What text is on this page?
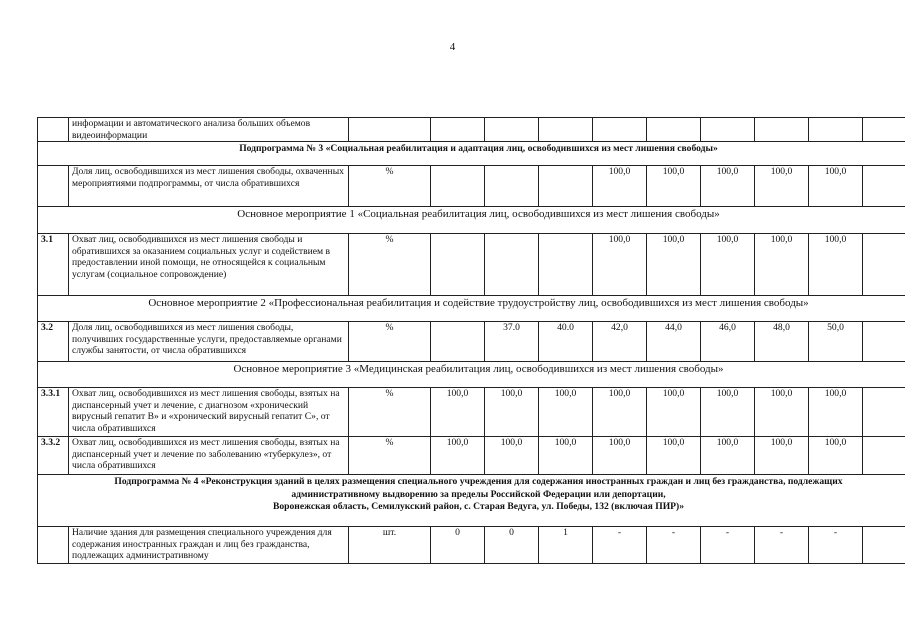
4
	информации и автоматического анализа больших объемов видеоинформации										
Подпрограмма № 3 «Социальная реабилитация и адаптация лиц, освободившихся из мест лишения свободы»											
	Доля лиц, освободившихся из мест лишения свободы, охваченных мероприятиями подпрограммы, от числа обратившихся	%				100,0	100,0	100,0	100,0	100,0	
Основное мероприятие 1 «Социальная реабилитация лиц, освободившихся из мест лишения свободы»											
3.1	Охват лиц, освободившихся из мест лишения свободы и обратившихся за оказанием социальных услуг и содействием в предоставлении иной помощи, не относящейся к социальным услугам (социальное сопровождение)	%				100,0	100,0	100,0	100,0	100,0	
Основное мероприятие 2 «Профессиональная реабилитация и содействие трудоустройству лиц, освободившихся из мест лишения свободы»											
3.2	Доля лиц, освободившихся из мест лишения свободы, получивших государственные услуги, предоставляемые органами службы занятости, от числа обратившихся	%		37.0	40.0	42,0	44,0	46,0	48,0	50,0	
Основное мероприятие 3 «Медицинская реабилитация лиц, освободившихся из мест лишения свободы»											
3.3.1	Охват лиц, освободившихся из мест лишения свободы, взятых на диспансерный учет и лечение, с диагнозом «хронический вирусный гепатит В» и «хронический вирусный гепатит С», от числа обратившихся	%	100,0	100,0	100,0	100,0	100,0	100,0	100,0	100,0	
3.3.2	Охват лиц, освободившихся из мест лишения свободы, взятых на диспансерный учет и лечение по заболеванию «туберкулез», от числа обратившихся	%	100,0	100,0	100,0	100,0	100,0	100,0	100,0	100,0	

Подпрограмма № 4 «Реконструкция зданий в целях размещения специального учреждения для содержания иностранных граждан и лиц без гражданства, подлежащих
административному выдворению за пределы Российской Федерации или депортации,
Воронежская область, Семилукский район, с. Старая Ведуга, ул. Победы, 132 (включая ПИР)»											

	Наличие здания для размещения специального учреждения для содержания иностранных граждан и лиц без гражданства, подлежащих административному	шт.	0	0	1	-	-	-	-	-	
